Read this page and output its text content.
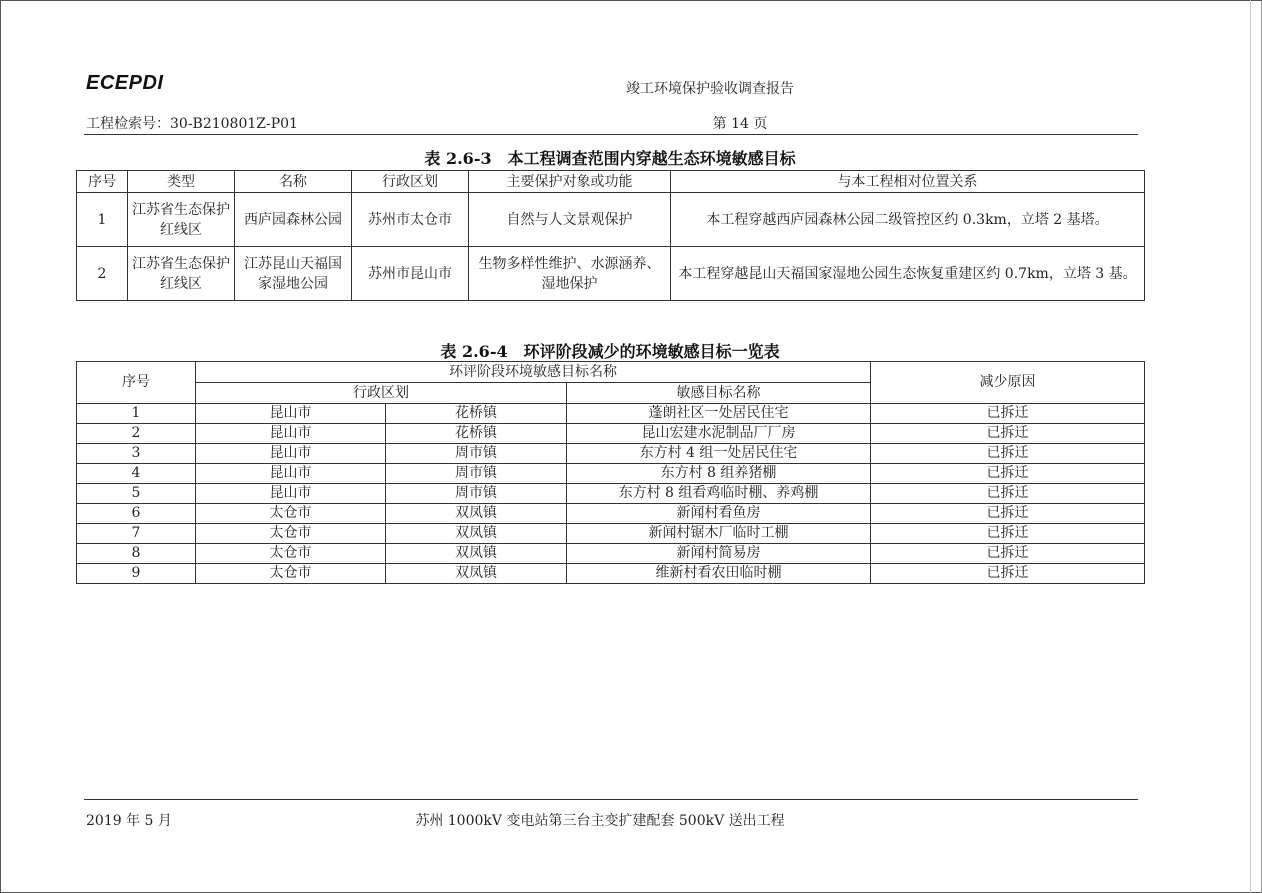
ECEPDI	竣工环境保护验收调查报告
工程检索号：30-B210801Z-P01	第 14 页
表 2.6-3　本工程调查范围内穿越生态环境敏感目标
序号	类型	名称	行政区划	主要保护对象或功能	与本工程相对位置关系
1	江苏省生态保护红线区	西庐园森林公园	苏州市太仓市	自然与人文景观保护	本工程穿越西庐园森林公园二级管控区约 0.3km，立塔 2 基塔。
2	江苏省生态保护红线区	江苏昆山天福国家湿地公园	苏州市昆山市	生物多样性维护、水源涵养、湿地保护	本工程穿越昆山天福国家湿地公园生态恢复重建区约 0.7km，立塔 3 基。
表 2.6-4　环评阶段减少的环境敏感目标一览表
序号	环评阶段环境敏感目标名称			减少原因
	行政区划		敏感目标名称	
1	昆山市	花桥镇	蓬朗社区一处居民住宅	已拆迁
2	昆山市	花桥镇	昆山宏建水泥制品厂厂房	已拆迁
3	昆山市	周市镇	东方村 4 组一处居民住宅	已拆迁
4	昆山市	周市镇	东方村 8 组养猪棚	已拆迁
5	昆山市	周市镇	东方村 8 组看鸡临时棚、养鸡棚	已拆迁
6	太仓市	双凤镇	新闻村看鱼房	已拆迁
7	太仓市	双凤镇	新闻村锯木厂临时工棚	已拆迁
8	太仓市	双凤镇	新闻村简易房	已拆迁
9	太仓市	双凤镇	维新村看农田临时棚	已拆迁
2019 年 5 月	苏州 1000kV 变电站第三台主变扩建配套 500kV 送出工程
